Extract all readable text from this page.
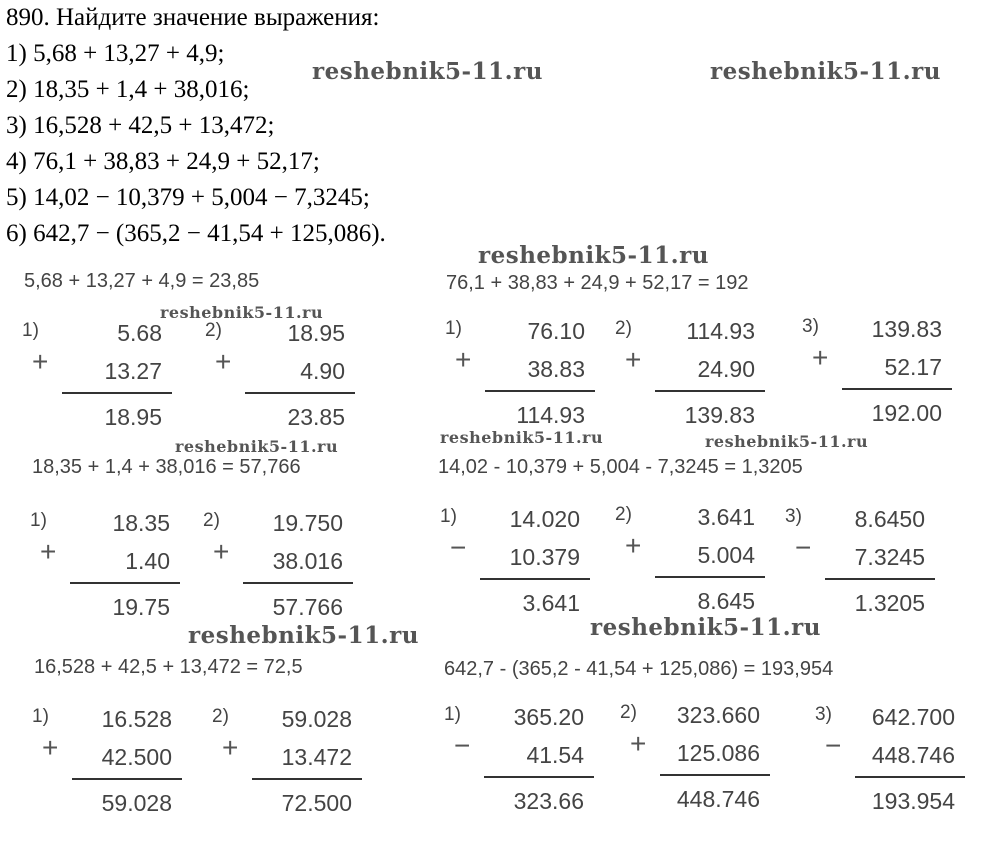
890. Найдите значение выражения:
1) 5,68 + 13,27 + 4,9;
2) 18,35 + 1,4 + 38,016;
3) 16,528 + 42,5 + 13,472;
4) 76,1 + 38,83 + 24,9 + 52,17;
5) 14,02 − 10,379 + 5,004 − 7,3245;
6) 642,7 − (365,2 − 41,54 + 125,086).
reshebnik5-11.ru	reshebnik5-11.ru
reshebnik5-11.ru
reshebnik5-11.ru
reshebnik5-11.ru	reshebnik5-11.ru	reshebnik5-11.ru
reshebnik5-11.ru	reshebnik5-11.ru
5,68 + 13,27 + 4,9 = 23,85
1)
+
5.68
13.27
18.95
2)
+
18.95
4.90
23.85
76,1 + 38,83 + 24,9 + 52,17 = 192
1)
+
76.10
38.83
114.93
2)
+
114.93
24.90
139.83
3)
+
139.83
52.17
192.00
18,35 + 1,4 + 38,016 = 57,766
1)
+
18.35
1.40
19.75
2)
+
19.750
38.016
57.766
14,02 - 10,379 + 5,004 - 7,3245 = 1,3205
1)
−
14.020
10.379
3.641
2)
+
3.641
5.004
8.645
3)
−
8.6450
7.3245
1.3205
16,528 + 42,5 + 13,472 = 72,5
1)
+
16.528
42.500
59.028
2)
+
59.028
13.472
72.500
642,7 - (365,2 - 41,54 + 125,086) = 193,954
1)
−
365.20
41.54
323.66
2)
+
323.660
125.086
448.746
3)
−
642.700
448.746
193.954
